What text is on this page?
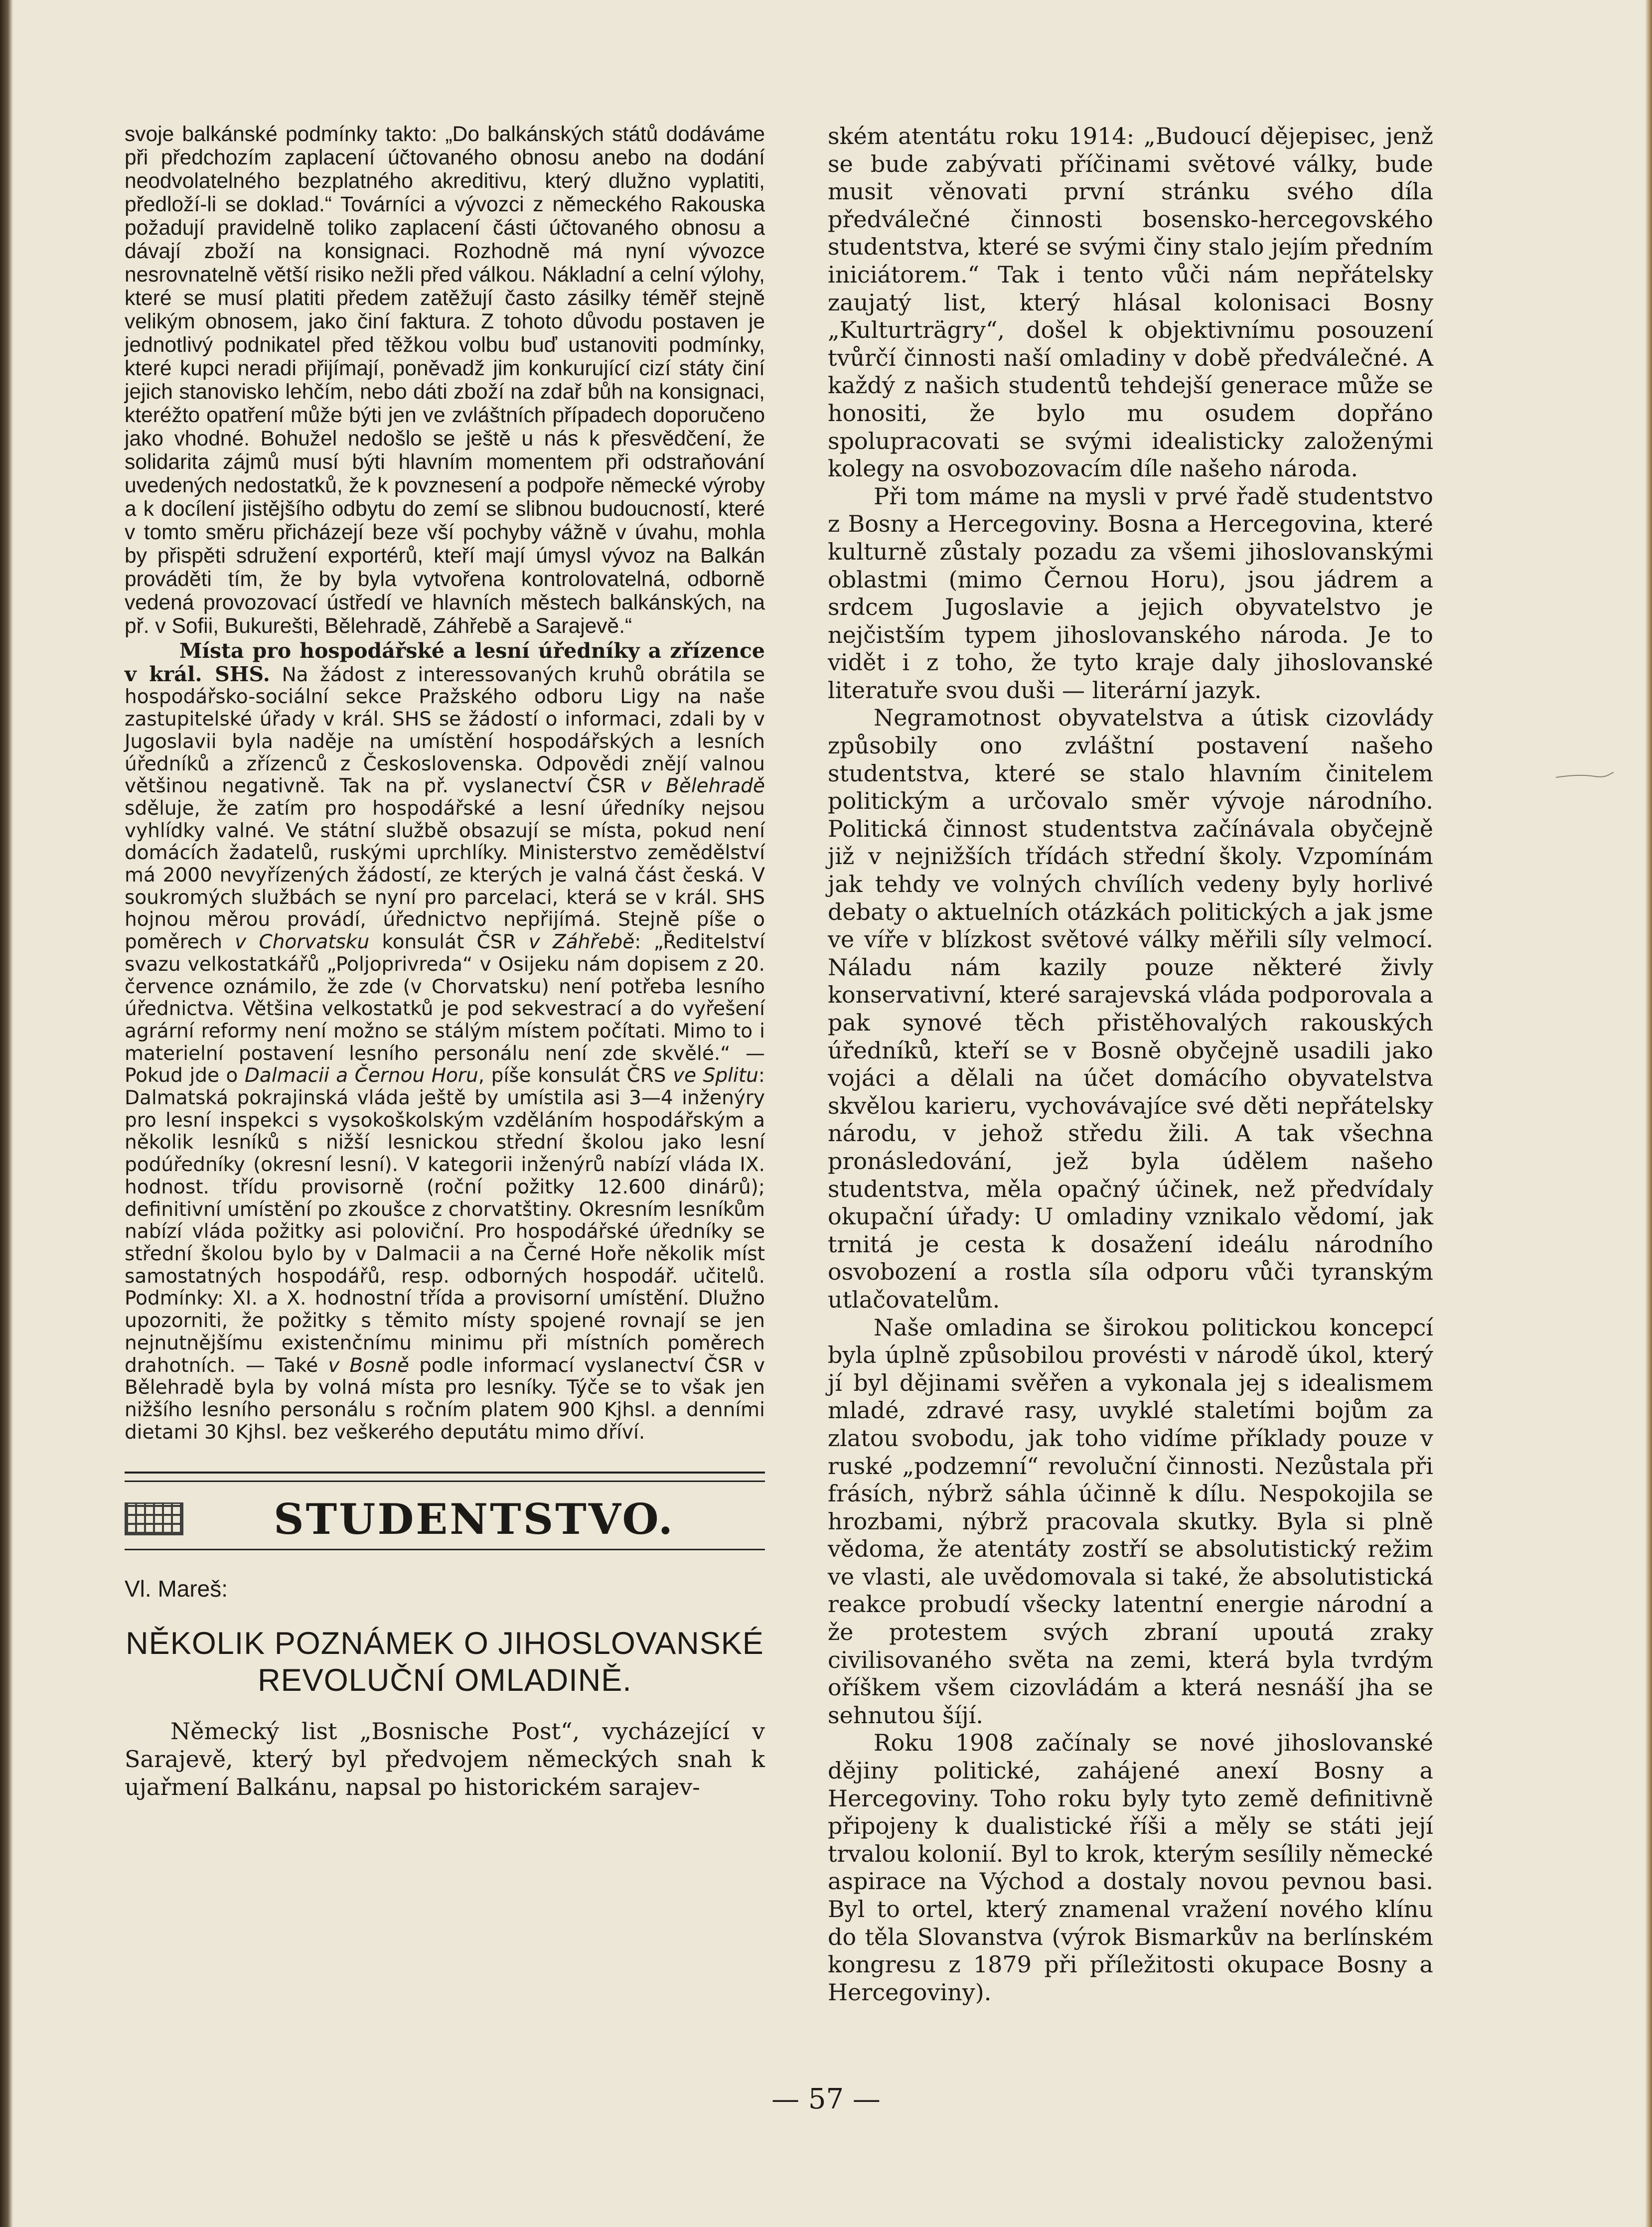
svoje balkánské podmínky takto: „Do balkánských států dodáváme při předchozím zaplacení účtovaného obnosu anebo na dodání neodvolatelného bezplatného akreditivu, který dlužno vyplatiti, předloží-li se doklad.“ Továrníci a vývozci z německého Rakouska požadují pravidelně toliko zaplacení části účtovaného obnosu a dávají zboží na konsignaci. Rozhodně má nyní vývozce nesrovnatelně větší risiko nežli před válkou. Nákladní a celní výlohy, které se musí platiti předem zatěžují často zásilky téměř stejně velikým obnosem, jako činí faktura. Z tohoto důvodu postaven je jednotlivý podnikatel před těžkou volbu buď ustanoviti podmínky, které kupci neradi přijímají, poněvadž jim konkurující cizí státy činí jejich stanovisko lehčím, nebo dáti zboží na zdař bůh na konsignaci, kteréžto opatření může býti jen ve zvláštních případech doporučeno jako vhodné. Bohužel nedošlo se ještě u nás k přesvědčení, že solidarita zájmů musí býti hlavním momentem při odstraňování uvedených nedostatků, že k povznesení a podpoře německé výroby a k docílení jistějšího odbytu do zemí se slibnou budoucností, které v tomto směru přicházejí beze vší pochyby vážně v úvahu, mohla by přispěti sdružení exportérů, kteří mají úmysl vývoz na Balkán prováděti tím, že by byla vytvořena kontrolovatelná, odborně vedená provozovací ústředí ve hlavních městech balkánských, na př. v Sofii, Bukurešti, Bělehradě, Záhřebě a Sarajevě.“

Místa pro hospodářské a lesní úředníky a zřízence v král. SHS. Na žádost z interessovaných kruhů obrátila se hospodářsko-sociální sekce Pražského odboru Ligy na naše zastupitelské úřady v král. SHS se žádostí o informaci, zdali by v Jugoslavii byla naděje na umístění hospodářských a lesních úředníků a zřízenců z Československa. Odpovědi znějí valnou většinou negativně. Tak na př. vyslanectví ČSR v Bělehradě sděluje, že zatím pro hospodářské a lesní úředníky nejsou vyhlídky valné. Ve státní službě obsazují se místa, pokud není domácích žadatelů, ruskými uprchlíky. Ministerstvo zemědělství má 2000 nevyřízených žádostí, ze kterých je valná část česká. V soukromých službách se nyní pro parcelaci, která se v král. SHS hojnou měrou provádí, úřednictvo nepřijímá. Stejně píše o poměrech v Chorvatsku konsulát ČSR v Záhřebě: „Ředitelství svazu velkostatkářů „Poljoprivreda“ v Osijeku nám dopisem z 20. července oznámilo, že zde (v Chorvatsku) není potřeba lesního úřednictva. Většina velkostatků je pod sekvestrací a do vyřešení agrární reformy není možno se stálým místem počítati. Mimo to i materielní postavení lesního personálu není zde skvělé.“ — Pokud jde o Dalmacii a Černou Horu, píše konsulát ČRS ve Splitu: Dalmatská pokrajinská vláda ještě by umístila asi 3—4 inženýry pro lesní inspekci s vysokoškolským vzděláním hospodářským a několik lesníků s nižší lesnickou střední školou jako lesní podúředníky (okresní lesní). V kategorii inženýrů nabízí vláda IX. hodnost. třídu provisorně (roční požitky 12.600 dinárů); definitivní umístění po zkoušce z chorvatštiny. Okresním lesníkům nabízí vláda požitky asi poloviční. Pro hospodářské úředníky se střední školou bylo by v Dalmacii a na Černé Hoře několik míst samostatných hospodářů, resp. odborných hospodář. učitelů. Podmínky: XI. a X. hodnostní třída a provisorní umístění. Dlužno upozorniti, že požitky s těmito místy spojené rovnají se jen nejnutnějšímu existenčnímu minimu při místních poměrech drahotních. — Také v Bosně podle informací vyslanectví ČSR v Bělehradě byla by volná místa pro lesníky. Týče se to však jen nižšího lesního personálu s ročním platem 900 Kjhsl. a denními dietami 30 Kjhsl. bez veškerého deputátu mimo dříví.

STUDENTSTVO.
Vl. Mareš:
NĚKOLIK POZNÁMEK O JIHOSLOVANSKÉ REVOLUČNÍ OMLADINĚ.

Německý list „Bosnische Post“, vycházející v Sarajevě, který byl předvojem německých snah k ujařmení Balkánu, napsal po historickém sarajev-

ském atentátu roku 1914: „Budoucí dějepisec, jenž se bude zabývati příčinami světové války, bude musit věnovati první stránku svého díla předválečné činnosti bosensko-hercegovského studentstva, které se svými činy stalo jejím předním iniciátorem.“ Tak i tento vůči nám nepřátelsky zaujatý list, který hlásal kolonisaci Bosny „Kulturträgry“, došel k objektivnímu posouzení tvůrčí činnosti naší omladiny v době předválečné. A každý z našich studentů tehdejší generace může se honositi, že bylo mu osudem dopřáno spolupracovati se svými idealisticky založenými kolegy na osvobozovacím díle našeho národa.

Při tom máme na mysli v prvé řadě studentstvo z Bosny a Hercegoviny. Bosna a Hercegovina, které kulturně zůstaly pozadu za všemi jihoslovanskými oblastmi (mimo Černou Horu), jsou jádrem a srdcem Jugoslavie a jejich obyvatelstvo je nejčistším typem jihoslovanského národa. Je to vidět i z toho, že tyto kraje daly jihoslovanské literatuře svou duši — literární jazyk.

Negramotnost obyvatelstva a útisk cizovlády způsobily ono zvláštní postavení našeho studentstva, které se stalo hlavním činitelem politickým a určovalo směr vývoje národního. Politická činnost studentstva začínávala obyčejně již v nejnižších třídách střední školy. Vzpomínám jak tehdy ve volných chvílích vedeny byly horlivé debaty o aktuelních otázkách politických a jak jsme ve víře v blízkost světové války měřili síly velmocí. Náladu nám kazily pouze některé živly konservativní, které sarajevská vláda podporovala a pak synové těch přistěhovalých rakouských úředníků, kteří se v Bosně obyčejně usadili jako vojáci a dělali na účet domácího obyvatelstva skvělou karieru, vychovávajíce své děti nepřátelsky národu, v jehož středu žili. A tak všechna pronásledování, jež byla údělem našeho studentstva, měla opačný účinek, než předvídaly okupační úřady: U omladiny vznikalo vědomí, jak trnitá je cesta k dosažení ideálu národního osvobození a rostla síla odporu vůči tyranským utlačovatelům.

Naše omladina se širokou politickou koncepcí byla úplně způsobilou provésti v národě úkol, který jí byl dějinami svěřen a vykonala jej s idealismem mladé, zdravé rasy, uvyklé staletími bojům za zlatou svobodu, jak toho vidíme příklady pouze v ruské „podzemní“ revoluční činnosti. Nezůstala při frásích, nýbrž sáhla účinně k dílu. Nespokojila se hrozbami, nýbrž pracovala skutky. Byla si plně vědoma, že atentáty zostří se absolutistický režim ve vlasti, ale uvědomovala si také, že absolutistická reakce probudí všecky latentní energie národní a že protestem svých zbraní upoutá zraky civilisovaného světa na zemi, která byla tvrdým oříškem všem cizovládám a která nesnáší jha se sehnutou šíjí.

Roku 1908 začínaly se nové jihoslovanské dějiny politické, zahájené anexí Bosny a Hercegoviny. Toho roku byly tyto země definitivně připojeny k dualistické říši a měly se státi její trvalou kolonií. Byl to krok, kterým sesílily německé aspirace na Východ a dostaly novou pevnou basi. Byl to ortel, který znamenal vražení nového klínu do těla Slovanstva (výrok Bismarkův na berlínském kongresu z 1879 při příležitosti okupace Bosny a Hercegoviny).

— 57 —
